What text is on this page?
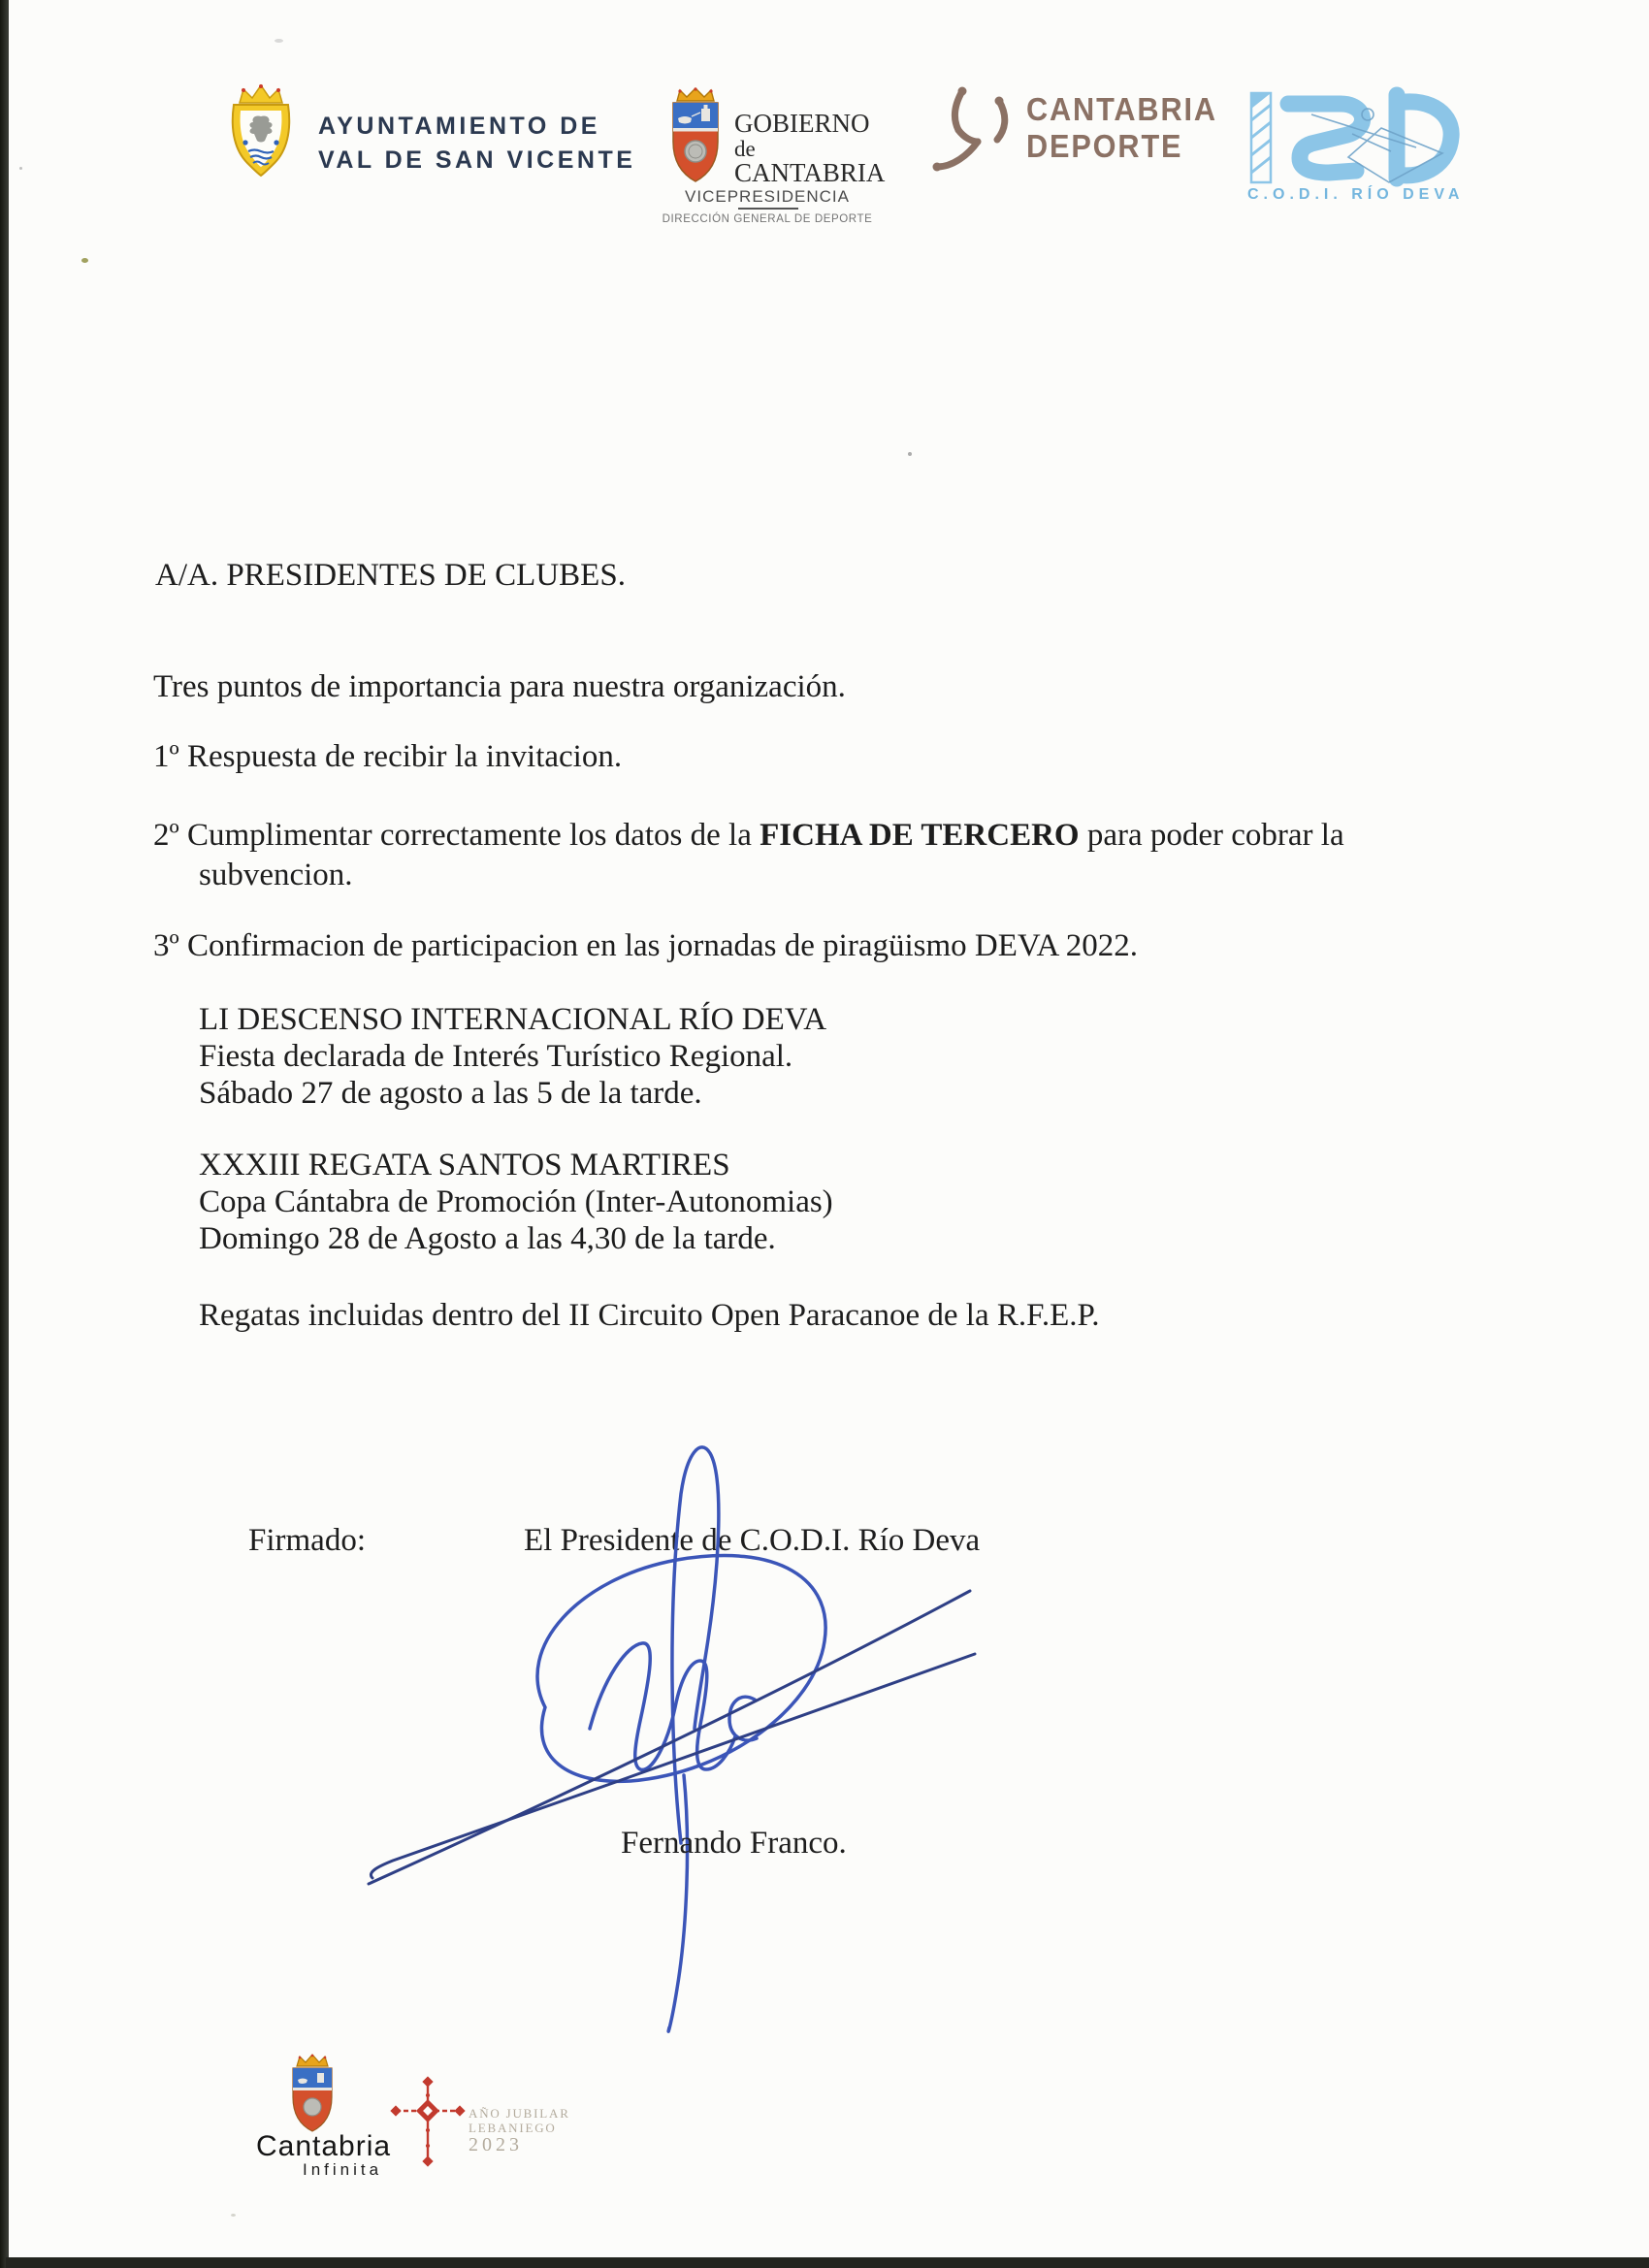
AYUNTAMIENTO DE
VAL DE SAN VICENTE
GOBIERNO
de
CANTABRIA
VICEPRESIDENCIA
DIRECCIÓN GENERAL DE DEPORTE
CANTABRIA
DEPORTE
C.O.D.I. RÍO DEVA
A/A. PRESIDENTES DE CLUBES.
Tres puntos de importancia para nuestra organización.
1º Respuesta de recibir la invitacion.
2º Cumplimentar correctamente los datos de la FICHA DE TERCERO para poder cobrar la
subvencion.
3º Confirmacion de participacion en las jornadas de piragüismo DEVA 2022.
LI DESCENSO INTERNACIONAL RÍO DEVA
Fiesta declarada de Interés Turístico Regional.
Sábado 27 de agosto a las 5 de la tarde.
XXXIII REGATA SANTOS MARTIRES
Copa Cántabra de Promoción (Inter-Autonomias)
Domingo 28 de Agosto a las 4,30 de la tarde.
Regatas incluidas dentro del II Circuito Open Paracanoe de la R.F.E.P.
Firmado:	El Presidente de C.O.D.I. Río Deva
Fernando Franco.
Cantabria
Infinita
AÑO JUBILAR
LEBANIEGO
2023
